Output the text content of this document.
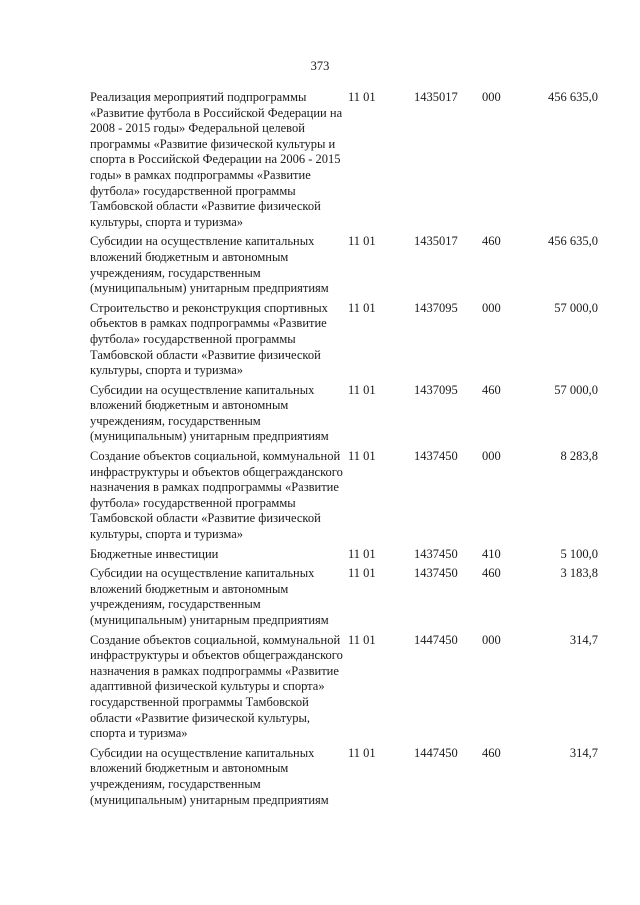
373
Реализация мероприятий подпрограммы «Развитие футбола в Российской Федерации на 2008 - 2015 годы» Федеральной целевой программы «Развитие физической культуры и спорта в Российской Федерации на 2006 - 2015 годы» в рамках подпрограммы «Развитие футбола» государственной программы Тамбовской области «Развитие физической культуры, спорта и туризма»	11 01	1435017	000	456 635,0
Субсидии на осуществление капитальных вложений бюджетным и автономным учреждениям, государственным (муниципальным) унитарным предприятиям	11 01	1435017	460	456 635,0
Строительство и реконструкция спортивных объектов в рамках подпрограммы «Развитие футбола» государственной программы Тамбовской области «Развитие физической культуры, спорта и туризма»	11 01	1437095	000	57 000,0
Субсидии на осуществление капитальных вложений бюджетным и автономным учреждениям, государственным (муниципальным) унитарным предприятиям	11 01	1437095	460	57 000,0
Создание объектов социальной, коммунальной инфраструктуры и объектов общегражданского назначения в рамках подпрограммы «Развитие футбола» государственной программы Тамбовской области «Развитие физической культуры, спорта и туризма»	11 01	1437450	000	8 283,8
Бюджетные инвестиции	11 01	1437450	410	5 100,0
Субсидии на осуществление капитальных вложений бюджетным и автономным учреждениям, государственным (муниципальным) унитарным предприятиям	11 01	1437450	460	3 183,8
Создание объектов социальной, коммунальной инфраструктуры и объектов общегражданского назначения в рамках подпрограммы «Развитие адаптивной физической культуры и спорта» государственной программы Тамбовской области «Развитие физической культуры, спорта и туризма»	11 01	1447450	000	314,7
Субсидии на осуществление капитальных вложений бюджетным и автономным учреждениям, государственным (муниципальным) унитарным предприятиям	11 01	1447450	460	314,7
